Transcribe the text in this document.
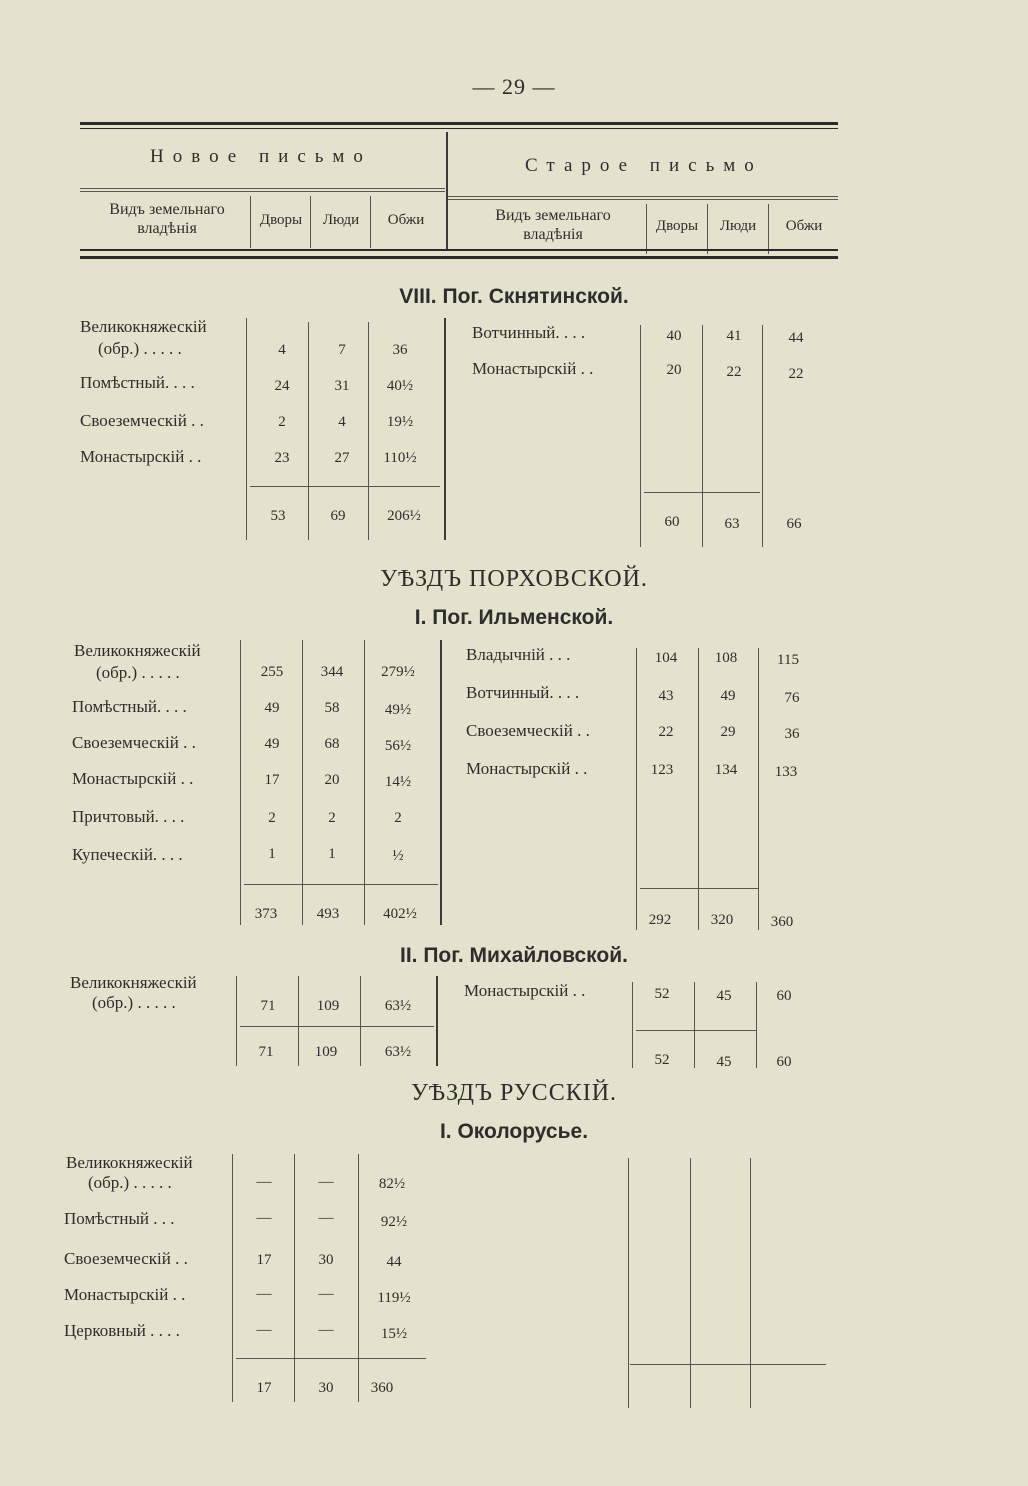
— 29 —
Новое письмо	Старое письмо
Видъ земельнаго владѣнія	Дворы	Люди	Обжи	Видъ земельнаго владѣнія	Дворы	Люди	Обжи
VIII. Пог. Скнятинской.
Великокняжескій
(обр.) . . . . .	4	7	36
Помѣстный. . . .	24	31	40½
Своеземческій . .	2	4	19½
Монастырскій . .	23	27	110½
53	69	206½
Вотчинный. . . .	40	41	44
Монастырскій . .	20	22	22
60	63	66
УѢЗДЪ ПОРХОВСКОЙ.
I. Пог. Ильменской.
Великокняжескій
(обр.) . . . . .	255	344	279½
Помѣстный. . . .	49	58	49½
Своеземческій . .	49	68	56½
Монастырскій . .	17	20	14½
Причтовый. . . .	2	2	2
Купеческій. . . .	1	1	½
373	493	402½
Владычній . . .	104	108	115
Вотчинный. . . .	43	49	76
Своеземческій . .	22	29	36
Монастырскій . .	123	134	133
292	320	360
II. Пог. Михайловской.
Великокняжескій
(обр.) . . . . .	71	109	63½
71	109	63½
Монастырскій . .	52	45	60
52	45	60
УѢЗДЪ РУССКІЙ.
I. Околорусье.
Великокняжескій
(обр.) . . . . .	—	—	82½
Помѣстный . . .	—	—	92½
Своеземческій . .	17	30	44
Монастырскій . .	—	—	119½
Церковный . . . .	—	—	15½
17	30	360
